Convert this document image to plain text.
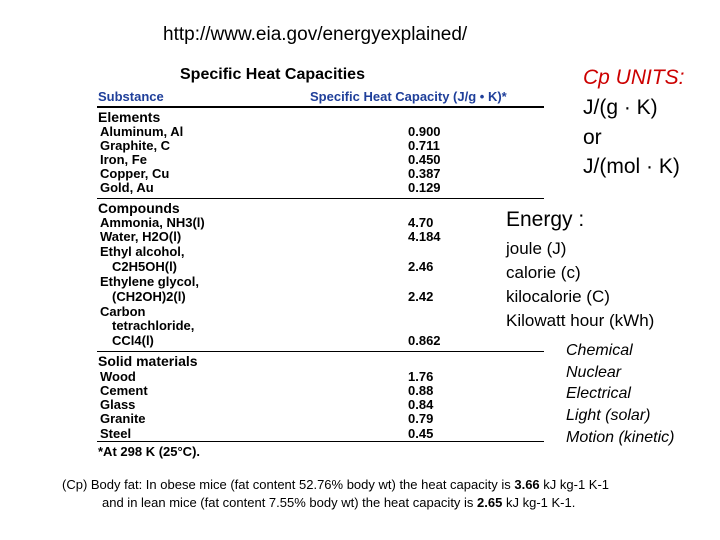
http://www.eia.gov/energyexplained/
Specific Heat Capacities
Substance	Specific Heat Capacity (J/g • K)*
Elements
Aluminum, Al	0.900
Graphite, C	0.711
Iron, Fe	0.450
Copper, Cu	0.387
Gold, Au	0.129
Compounds
Ammonia, NH3(l)	4.70
Water, H2O(l)	4.184
Ethyl alcohol,
C2H5OH(l)	2.46
Ethylene glycol,
(CH2OH)2(l)	2.42
Carbon
tetrachloride,
CCl4(l)	0.862
Solid materials
Wood	1.76
Cement	0.88
Glass	0.84
Granite	0.79
Steel	0.45
*At 298 K (25°C).
Cp UNITS:
J/(g · K)
or
J/(mol · K)
Energy :
joule (J)
calorie (c)
kilocalorie (C)
Kilowatt hour (kWh)
Chemical
Nuclear
Electrical
Light (solar)
Motion (kinetic)
(Cp) Body fat: In obese mice (fat content 52.76% body wt) the heat capacity is 3.66 kJ kg-1 K-1
and in lean mice (fat content 7.55% body wt) the heat capacity is 2.65 kJ kg-1 K-1.
